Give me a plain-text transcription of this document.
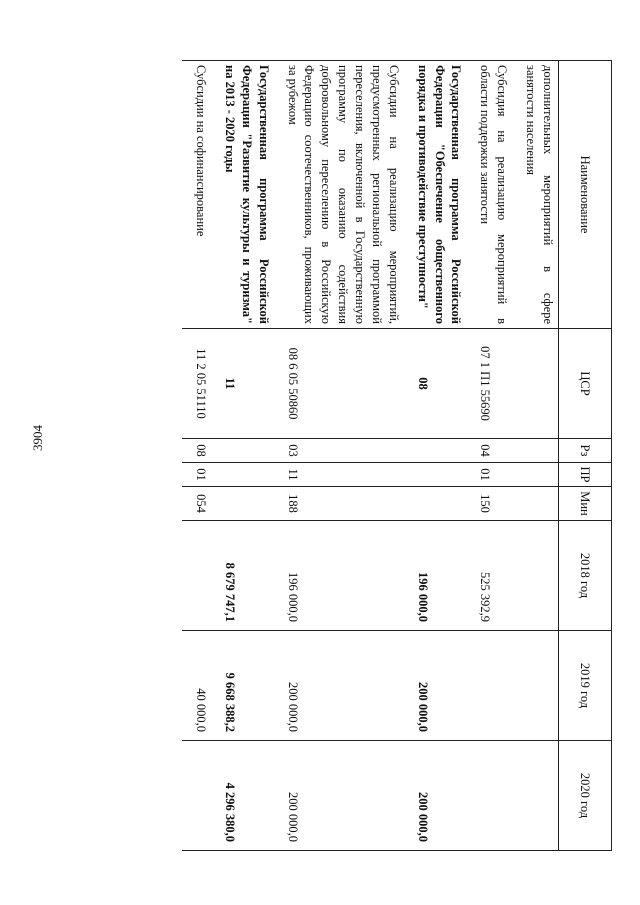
3904
Наименование	ЦСР	Рз	ПР	Мин	2018 год	2019 год	2020 год
дополнительных мероприятий в сфере занятости населения							
Субсидия на реализацию мероприятий в области поддержки занятости	07 1 П1 55690	04	01	150	525 392,9		
Государственная программа Российской Федерации "Обеспечение общественного порядка и противодействие преступности"	08				196 000,0	200 000,0	200 000,0
Субсидии на реализацию мероприятий, предусмотренных региональной программой переселения, включенной в Государственную программу по оказанию содействия добровольному переселению в Российскую Федерацию соотечественников, проживающих за рубежом	08 6 05 50860	03	11	188	196 000,0	200 000,0	200 000,0
Государственная программа Российской Федерации "Развитие культуры и туризма" на 2013 - 2020 годы	11				8 679 747,1	9 668 388,2	4 296 380,0
Субсидии на софинансирование	11 2 05 51110	08	01	054		40 000,0	
